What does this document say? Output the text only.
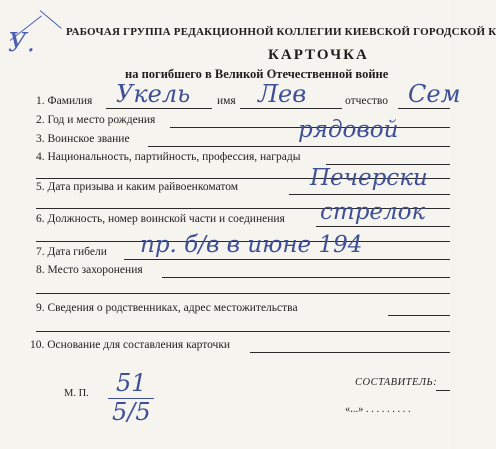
У.	РАБОЧАЯ ГРУППА РЕДАКЦИОННОЙ КОЛЛЕГИИ КИЕВСКОЙ ГОРОДСКОЙ К
КАРТОЧКА
на погибшего в Великой Отечественной войне
1. Фамилия Укель имя Лев	отчество Сем
2. Год и место рождения
3. Воинское звание	рядовой
4. Национальность, партийность, профессия, награды
5. Дата призыва и каким райвоенкоматом	Печерски
6. Должность, номер воинской части и соединения стрелок
7. Дата гибели пр. б/в в июне 194
8. Место захоронения
9. Сведения о родственниках, адрес местожительства
10. Основание для составления карточки
М. П. 51
5/5
СОСТАВИТЕЛЬ:
«...» . . . . . . . . .
